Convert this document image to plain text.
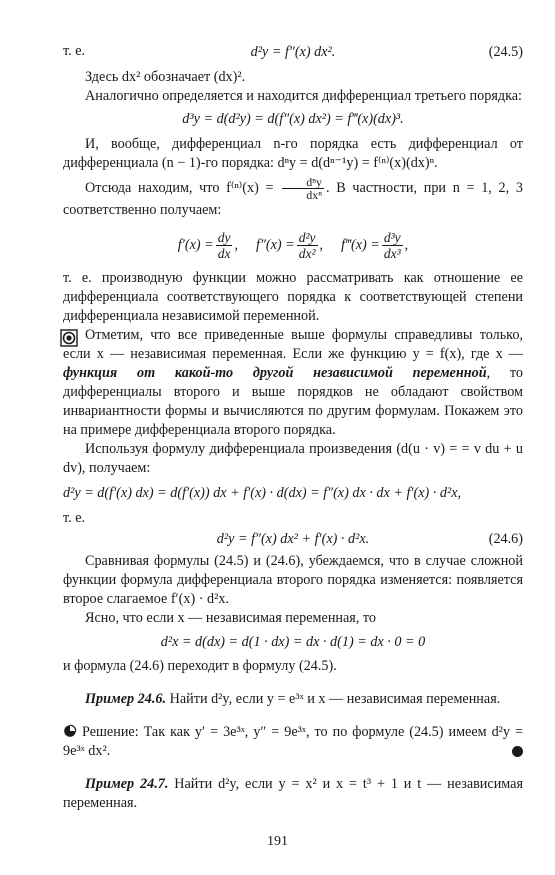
т. е.	d²y = f″(x) dx².	(24.5)

Здесь dx² обозначает (dx)².

Аналогично определяется и находится дифференциал третьего порядка:

d³y = d(d²y) = d(f″(x) dx²) = f‴(x)(dx)³.

И, вообще, дифференциал n-го порядка есть дифференциал от дифференциала (n − 1)-го порядка: dⁿy = d(dⁿ⁻¹y) = f⁽ⁿ⁾(x)(dx)ⁿ.

Отсюда находим, что $f^{(n)}(x) = \frac{\text{dⁿy}}{\text{dxⁿ}}$ . В частности, при n = 1, 2, 3 соответственно получаем:

$f'(x) = \frac{dy}{dx}$ , $f''(x) = \frac{\text{d²y}}{\text{dx²}}$ , f‴(x) = $\frac{\text{d³y}}{\text{dx³}}$ ,

т. е. производную функции можно рассматривать как отношение ее дифференциала соответствующего порядка к соответствующей степени дифференциала независимой переменной.

Отметим, что все приведенные выше формулы справедливы только, если x — независимая переменная. Если же функцию y = f(x), где x — функция от какой-то другой независимой переменной, то дифференциалы второго и выше порядков не обладают свойством инвариантности формы и вычисляются по другим формулам. Покажем это на примере дифференциала второго порядка.

Используя формулу дифференциала произведения (d(u · v) = = v du + u dv), получаем:

d²y = d(f′(x) dx) = d(f′(x)) dx + f′(x) · d(dx) = f″(x) dx · dx + f′(x) · d²x,

т. е.

d²y = f″(x) dx² + f′(x) · d²x.	(24.6)

Сравнивая формулы (24.5) и (24.6), убеждаемся, что в случае сложной функции формула дифференциала второго порядка изменяется: появляется второе слагаемое f′(x) · d²x.

Ясно, что если x — независимая переменная, то

d²x = d(dx) = d(1 · dx) = dx · d(1) = dx · 0 = 0

и формула (24.6) переходит в формулу (24.5).

Пример 24.6. Найти d²y, если y = e³ˣ и x — независимая переменная.

Решение: Так как y′ = 3e³ˣ, y″ = 9e³ˣ, то по формуле (24.5) имеем d²y = 9e³ˣ dx².

Пример 24.7. Найти d²y, если y = x² и x = t³ + 1 и t — независимая переменная.

191
